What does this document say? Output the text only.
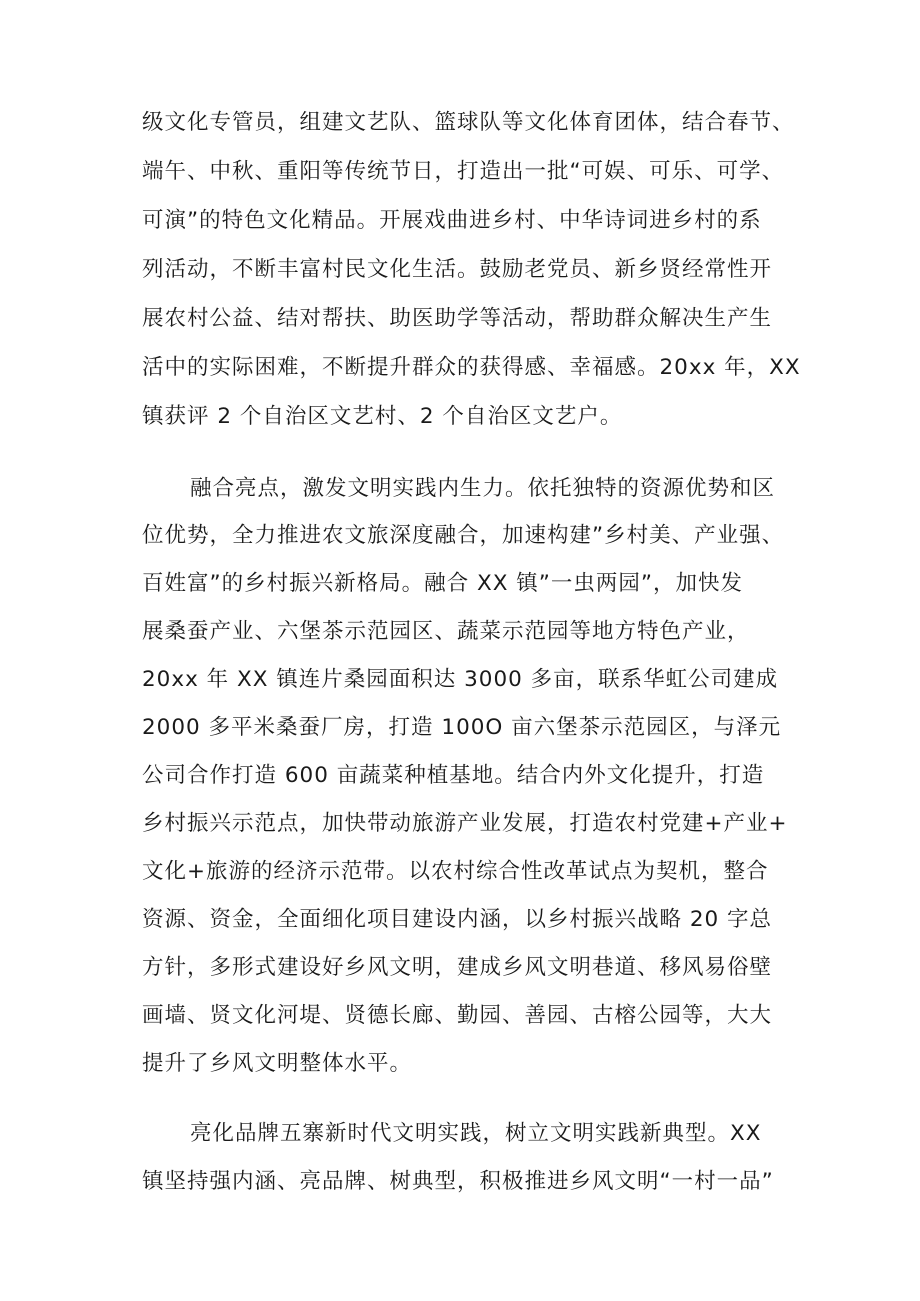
级文化专管员，组建文艺队、篮球队等文化体育团体，结合春节、
端午、中秋、重阳等传统节日，打造出一批“可娱、可乐、可学、
可演”的特色文化精品。开展戏曲进乡村、中华诗词进乡村的系
列活动，不断丰富村民文化生活。鼓励老党员、新乡贤经常性开
展农村公益、结对帮扶、助医助学等活动，帮助群众解决生产生
活中的实际困难，不断提升群众的获得感、幸福感。20xx 年，XX
镇获评 2 个自治区文艺村、2 个自治区文艺户。
融合亮点，激发文明实践内生力。依托独特的资源优势和区
位优势，全力推进农文旅深度融合，加速构建”乡村美、产业强、
百姓富”的乡村振兴新格局。融合 XX 镇”一虫两园”，加快发
展桑蚕产业、六堡茶示范园区、蔬菜示范园等地方特色产业，
20xx 年 XX 镇连片桑园面积达 3000 多亩，联系华虹公司建成
2000 多平米桑蚕厂房，打造 100O 亩六堡茶示范园区，与泽元
公司合作打造 600 亩蔬菜种植基地。结合内外文化提升，打造
乡村振兴示范点，加快带动旅游产业发展，打造农村党建+产业+
文化+旅游的经济示范带。以农村综合性改革试点为契机，整合
资源、资金，全面细化项目建设内涵，以乡村振兴战略 20 字总
方针，多形式建设好乡风文明，建成乡风文明巷道、移风易俗壁
画墙、贤文化河堤、贤德长廊、勤园、善园、古榕公园等，大大
提升了乡风文明整体水平。
亮化品牌五寨新时代文明实践，树立文明实践新典型。XX
镇坚持强内涵、亮品牌、树典型，积极推进乡风文明“一村一品”
